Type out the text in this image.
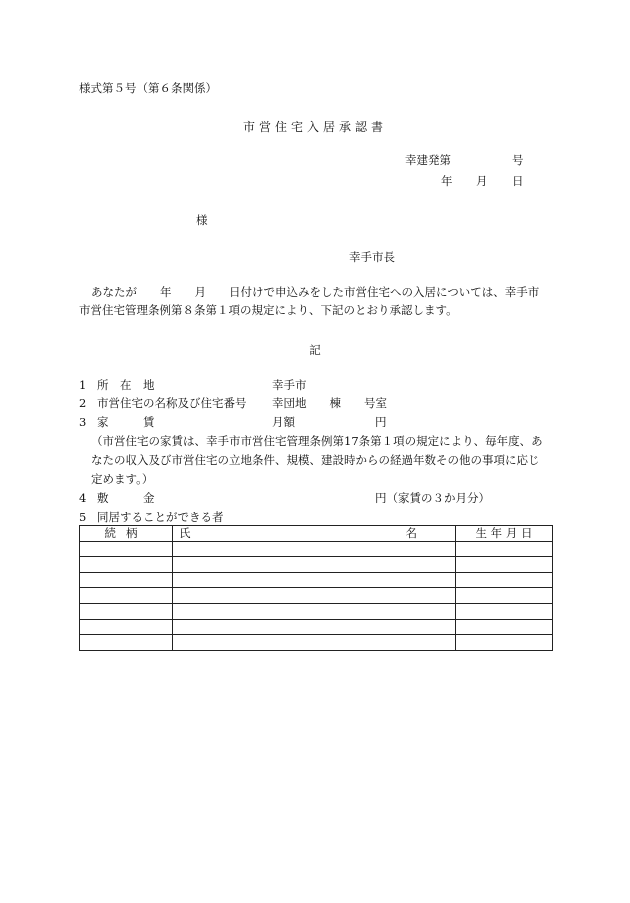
様式第５号（第６条関係）
市営住宅入居承認書
幸建発第	号
年 月 日
様
幸手市長
あなたが　　年　　月　　日付けで申込みをした市営住宅への入居については、幸手市
市営住宅管理条例第８条第１項の規定により、下記のとおり承認します。
記
1 所　在　地	幸手市
2 市営住宅の名称及び住宅番号 幸団地　　棟　　号室
3 家　　　賃	月額	円
（市営住宅の家賃は、幸手市市営住宅管理条例第17条第１項の規定により、毎年度、あ
なたの収入及び市営住宅の立地条件、規模、建設時からの経過年数その他の事項に応じ
定めます。）
4 敷　　　金	円（家賃の３か月分）
5 同居することができる者
続柄	氏 名	生 年 月 日
